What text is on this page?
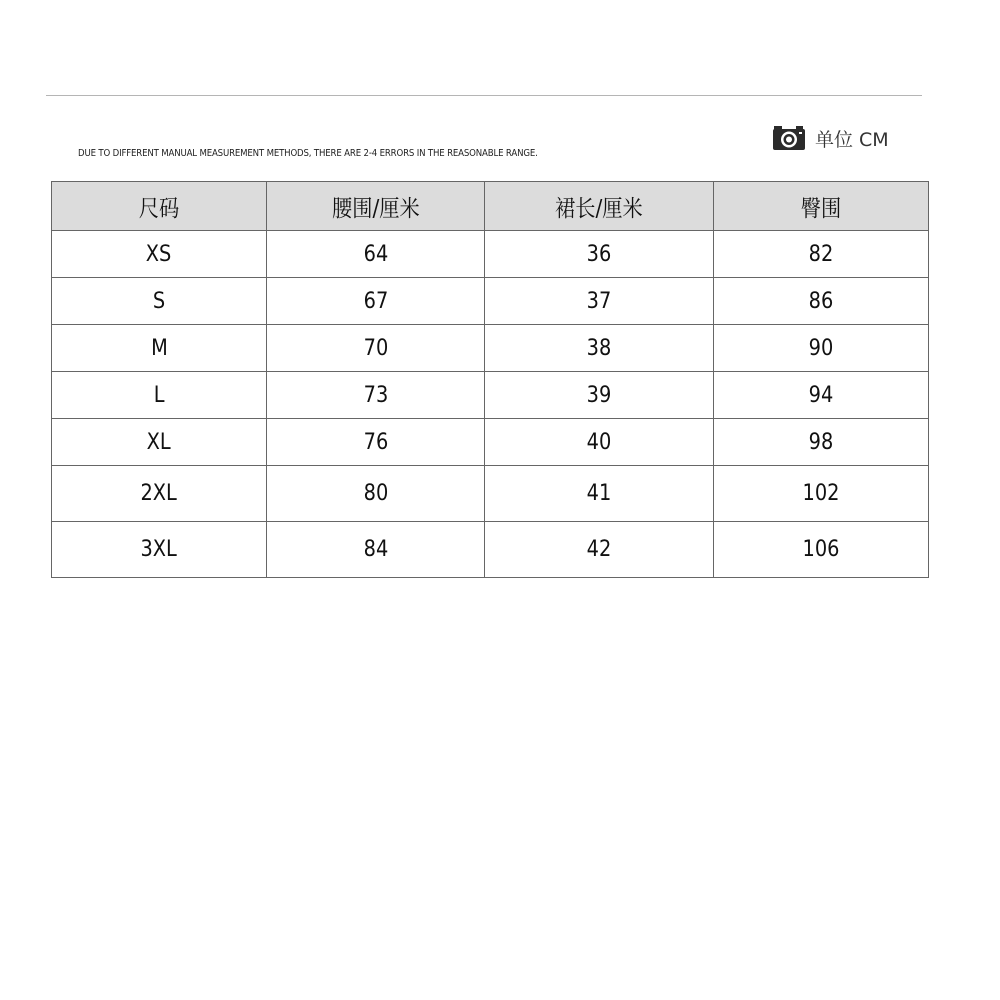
DUE TO DIFFERENT MANUAL MEASUREMENT METHODS, THERE ARE 2-4 ERRORS IN THE REASONABLE RANGE.
单位 CM
尺码	腰围/厘米	裙长/厘米	臀围
XS	64	36	82
S	67	37	86
M	70	38	90
L	73	39	94
XL	76	40	98
2XL	80	41	102
3XL	84	42	106
